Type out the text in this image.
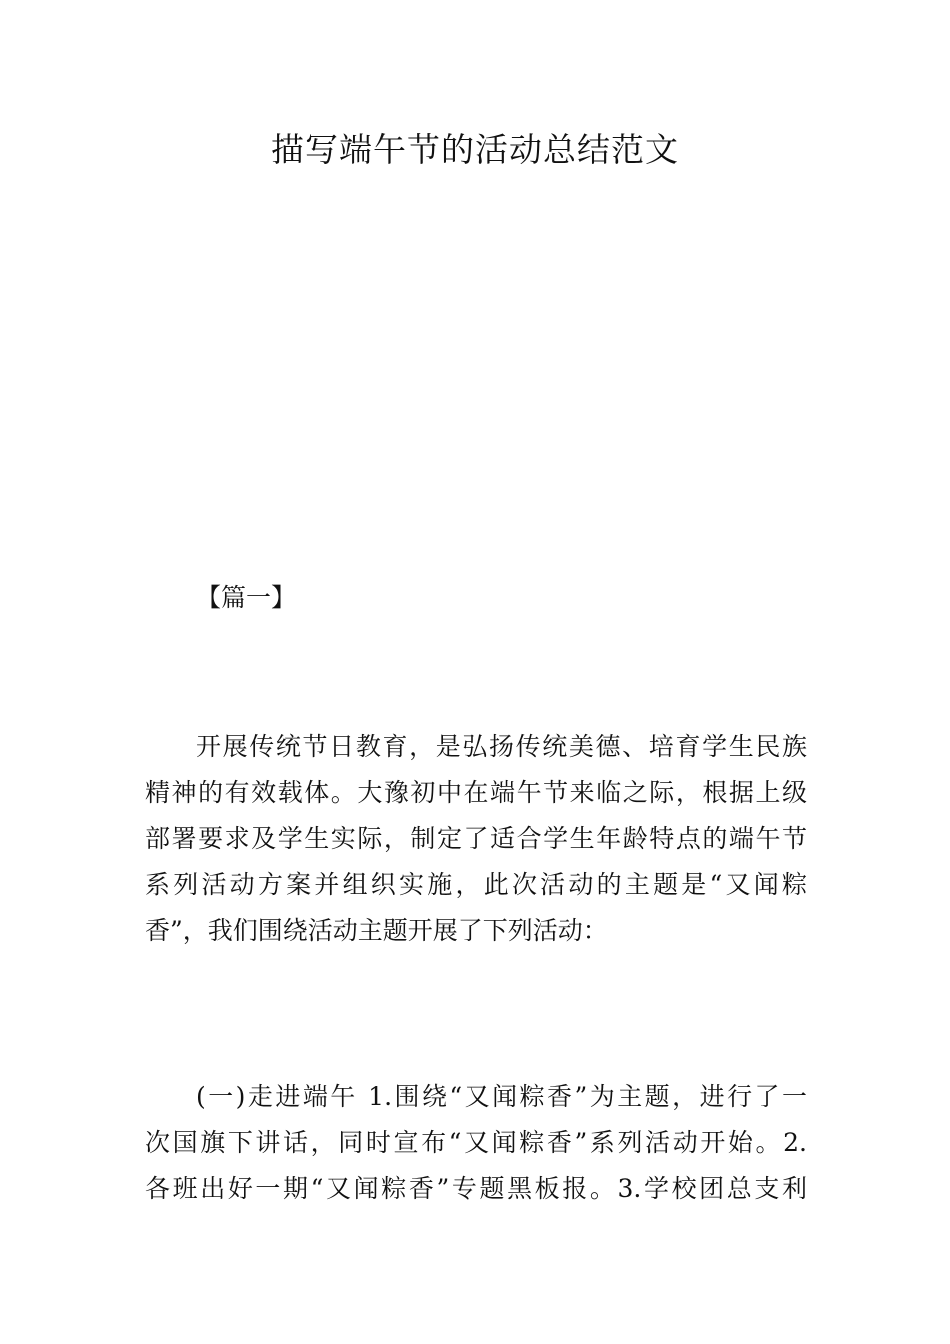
描写端午节的活动总结范文

【篇一】

开展传统节日教育，是弘扬传统美德、培育学生民族
精神的有效载体。大豫初中在端午节来临之际，根据上级
部署要求及学生实际，制定了适合学生年龄特点的端午节
系列活动方案并组织实施，此次活动的主题是“又闻粽
香”，我们围绕活动主题开展了下列活动：
(一)走进端午 1.围绕“又闻粽香”为主题，进行了一
次国旗下讲话，同时宣布“又闻粽香”系列活动开始。2.
各班出好一期“又闻粽香”专题黑板报。3.学校团总支利
